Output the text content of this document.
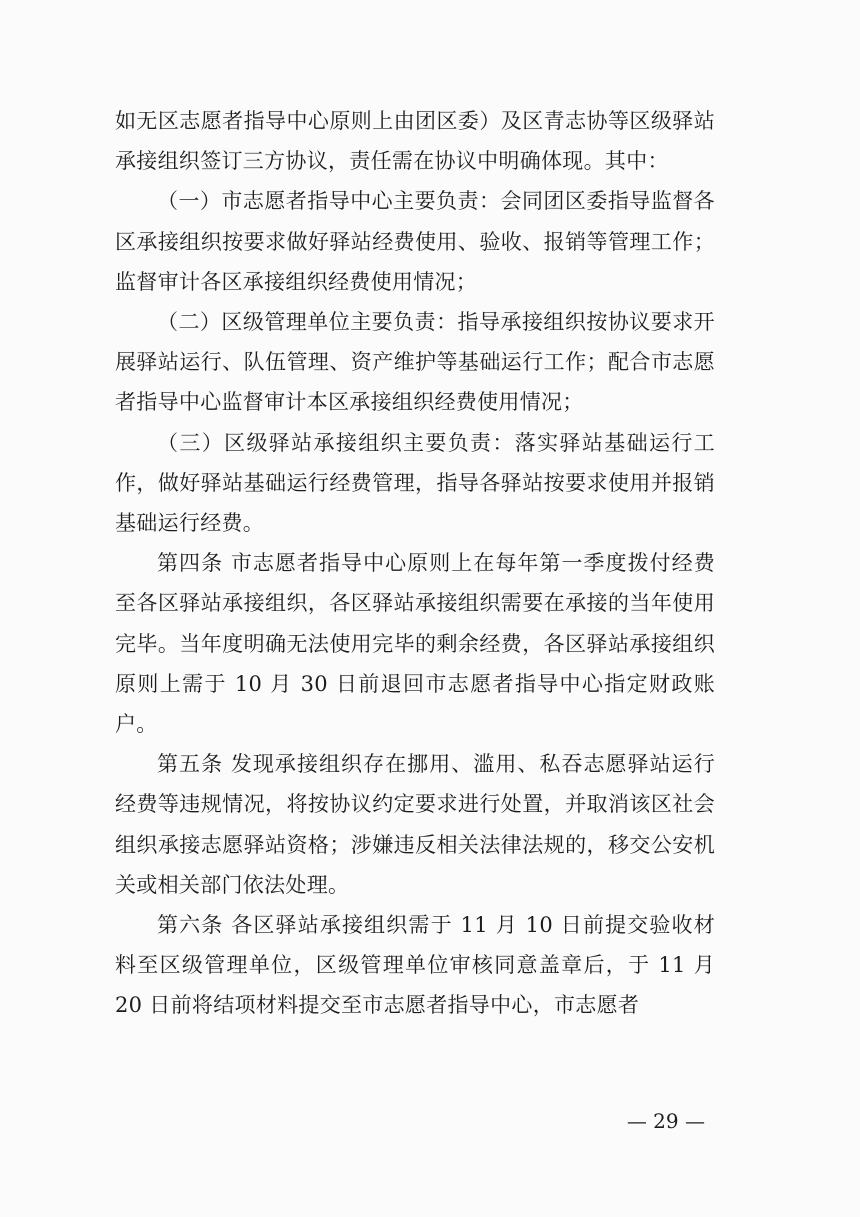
如无区志愿者指导中心原则上由团区委）及区青志协等区级驿站承接组织签订三方协议，责任需在协议中明确体现。其中：

（一）市志愿者指导中心主要负责：会同团区委指导监督各区承接组织按要求做好驿站经费使用、验收、报销等管理工作；监督审计各区承接组织经费使用情况；

（二）区级管理单位主要负责：指导承接组织按协议要求开展驿站运行、队伍管理、资产维护等基础运行工作；配合市志愿者指导中心监督审计本区承接组织经费使用情况；

（三）区级驿站承接组织主要负责：落实驿站基础运行工作，做好驿站基础运行经费管理，指导各驿站按要求使用并报销基础运行经费。

第四条 市志愿者指导中心原则上在每年第一季度拨付经费至各区驿站承接组织，各区驿站承接组织需要在承接的当年使用完毕。当年度明确无法使用完毕的剩余经费，各区驿站承接组织原则上需于 10 月 30 日前退回市志愿者指导中心指定财政账户。

第五条 发现承接组织存在挪用、滥用、私吞志愿驿站运行经费等违规情况，将按协议约定要求进行处置，并取消该区社会组织承接志愿驿站资格；涉嫌违反相关法律法规的，移交公安机关或相关部门依法处理。

第六条 各区驿站承接组织需于 11 月 10 日前提交验收材料至区级管理单位，区级管理单位审核同意盖章后，于 11 月 20 日前将结项材料提交至市志愿者指导中心，市志愿者

— 29 —
